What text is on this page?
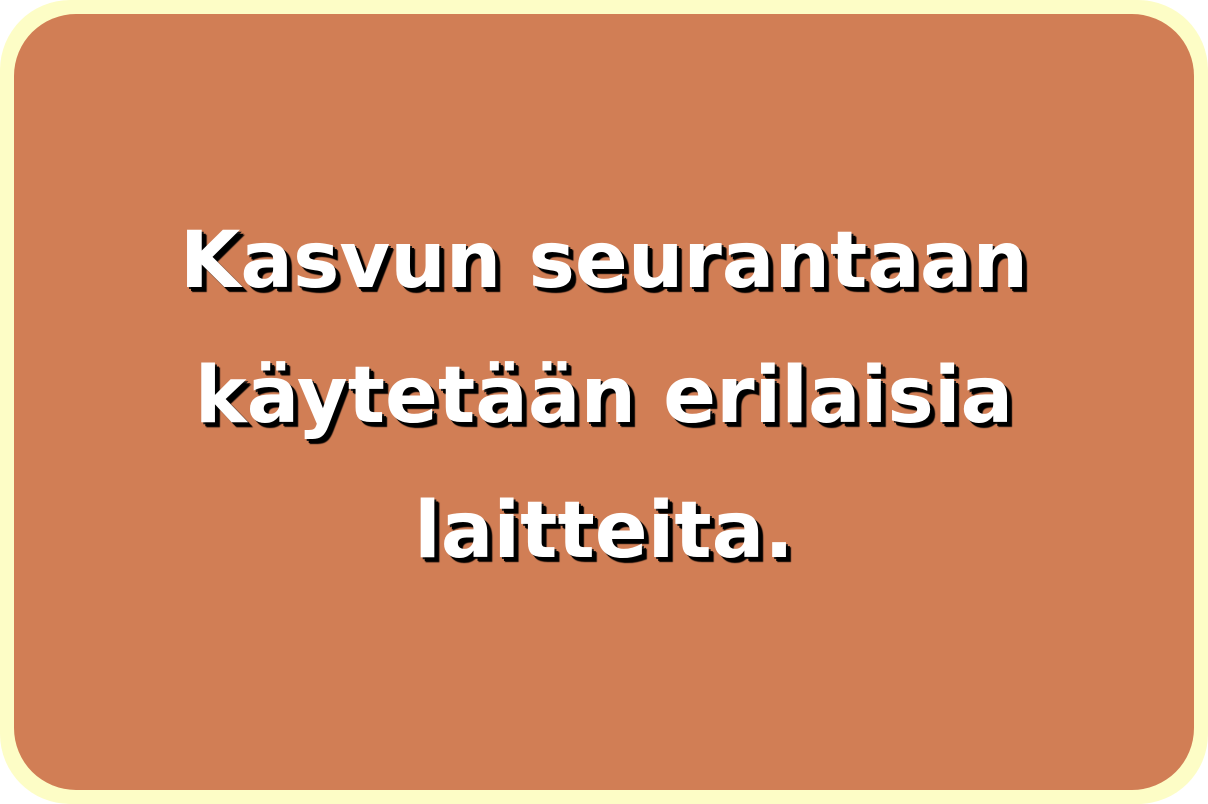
Kasvun seurantaan
käytetään erilaisia
laitteita.
